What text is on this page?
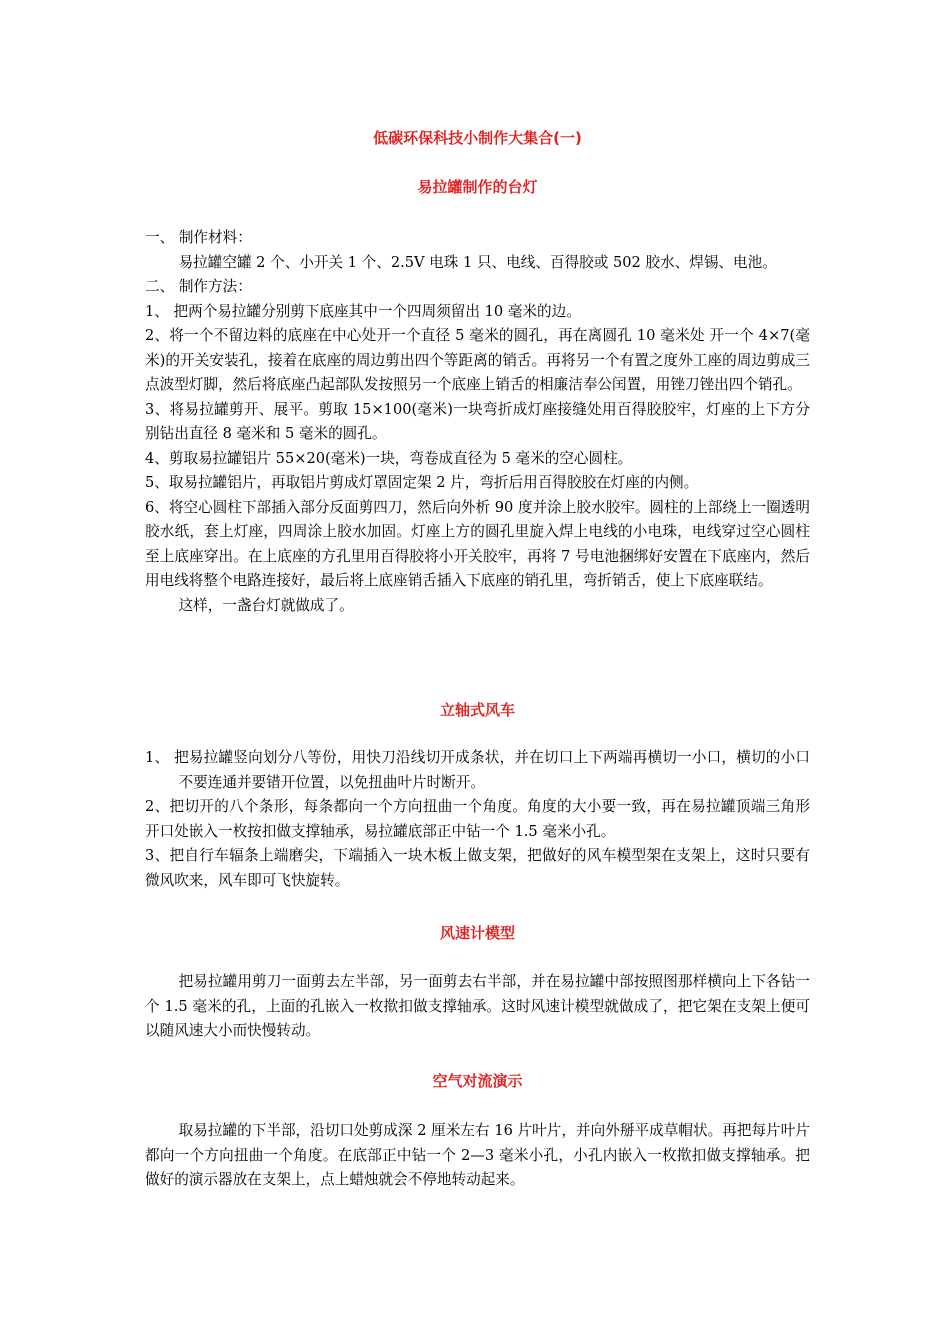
低碳环保科技小制作大集合(一)
易拉罐制作的台灯

一、 制作材料：

易拉罐空罐 2 个、小开关 1 个、2.5V 电珠 1 只、电线、百得胶或 502 胶水、焊锡、电池。

二、 制作方法：

1、 把两个易拉罐分别剪下底座其中一个四周须留出 10 毫米的边。

2、将一个不留边料的底座在中心处开一个直径 5 毫米的圆孔，再在离圆孔 10 毫米处 开一个 4×7(毫米)的开关安装孔，接着在底座的周边剪出四个等距离的销舌。再将另一个有置之度外工座的周边剪成三点波型灯脚，然后将底座凸起部队发按照另一个底座上销舌的相廉洁奉公闰置，用锉刀锉出四个销孔。

3、将易拉罐剪开、展平。剪取 15×100(毫米)一块弯折成灯座接缝处用百得胶胶牢，灯座的上下方分别钻出直径 8 毫米和 5 毫米的圆孔。

4、剪取易拉罐铝片 55×20(毫米)一块，弯卷成直径为 5 毫米的空心圆柱。

5、取易拉罐铝片，再取铝片剪成灯罩固定架 2 片，弯折后用百得胶胶在灯座的内侧。

6、将空心圆柱下部插入部分反面剪四刀，然后向外析 90 度并涂上胶水胶牢。圆柱的上部绕上一圈透明胶水纸，套上灯座，四周涂上胶水加固。灯座上方的圆孔里旋入焊上电线的小电珠，电线穿过空心圆柱至上底座穿出。在上底座的方孔里用百得胶将小开关胶牢，再将 7 号电池捆绑好安置在下底座内，然后用电线将整个电路连接好，最后将上底座销舌插入下底座的销孔里，弯折销舌，使上下底座联结。

这样，一盏台灯就做成了。

立轴式风车

1、 把易拉罐竖向划分八等份，用快刀沿线切开成条状，并在切口上下两端再横切一小口，横切的小口不要连通并要错开位置，以免扭曲叶片时断开。

2、把切开的八个条形，每条都向一个方向扭曲一个角度。角度的大小要一致，再在易拉罐顶端三角形开口处嵌入一枚按扣做支撑轴承，易拉罐底部正中钻一个 1.5 毫米小孔。

3、把自行车辐条上端磨尖，下端插入一块木板上做支架，把做好的风车模型架在支架上，这时只要有微风吹来，风车即可飞快旋转。

风速计模型

把易拉罐用剪刀一面剪去左半部，另一面剪去右半部，并在易拉罐中部按照图那样横向上下各钻一个 1.5 毫米的孔，上面的孔嵌入一枚揿扣做支撑轴承。这时风速计模型就做成了，把它架在支架上便可以随风速大小而快慢转动。

空气对流演示

取易拉罐的下半部，沿切口处剪成深 2 厘米左右 16 片叶片，并向外掰平成草帽状。再把每片叶片都向一个方向扭曲一个角度。在底部正中钻一个 2—3 毫米小孔，小孔内嵌入一枚揿扣做支撑轴承。把做好的演示器放在支架上，点上蜡烛就会不停地转动起来。
